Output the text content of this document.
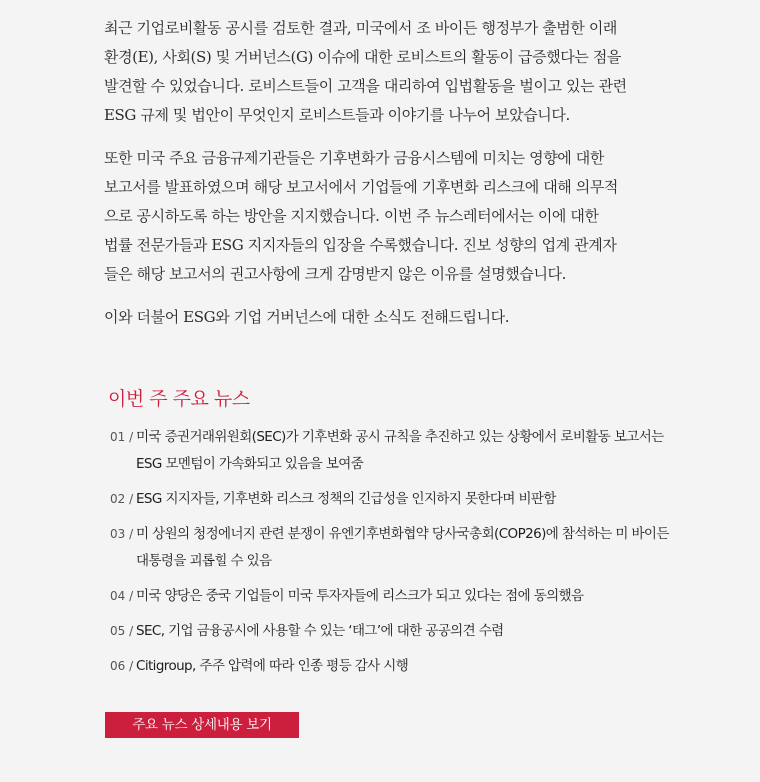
최근 기업로비활동 공시를 검토한 결과, 미국에서 조 바이든 행정부가 출범한 이래
환경(E), 사회(S) 및 거버넌스(G) 이슈에 대한 로비스트의 활동이 급증했다는 점을
발견할 수 있었습니다. 로비스트들이 고객을 대리하여 입법활동을 벌이고 있는 관련
ESG 규제 및 법안이 무엇인지 로비스트들과 이야기를 나누어 보았습니다.

또한 미국 주요 금융규제기관들은 기후변화가 금융시스템에 미치는 영향에 대한
보고서를 발표하였으며 해당 보고서에서 기업들에 기후변화 리스크에 대해 의무적
으로 공시하도록 하는 방안을 지지했습니다. 이번 주 뉴스레터에서는 이에 대한
법률 전문가들과 ESG 지지자들의 입장을 수록했습니다. 진보 성향의 업계 관계자
들은 해당 보고서의 권고사항에 크게 감명받지 않은 이유를 설명했습니다.

이와 더불어 ESG와 기업 거버넌스에 대한 소식도 전해드립니다.

이번 주 주요 뉴스
01 / 미국 증권거래위원회(SEC)가 기후변화 공시 규칙을 추진하고 있는 상황에서 로비활동 보고서는
ESG 모멘텀이 가속화되고 있음을 보여줌
02 / ESG 지지자들, 기후변화 리스크 정책의 긴급성을 인지하지 못한다며 비판함
03 / 미 상원의 청정에너지 관련 분쟁이 유엔기후변화협약 당사국총회(COP26)에 참석하는 미 바이든
대통령을 괴롭힐 수 있음
04 / 미국 양당은 중국 기업들이 미국 투자자들에 리스크가 되고 있다는 점에 동의했음
05 / SEC, 기업 금융공시에 사용할 수 있는 ‘태그’에 대한 공공의견 수렴
06 / Citigroup, 주주 압력에 따라 인종 평등 감사 시행
주요 뉴스 상세내용 보기
